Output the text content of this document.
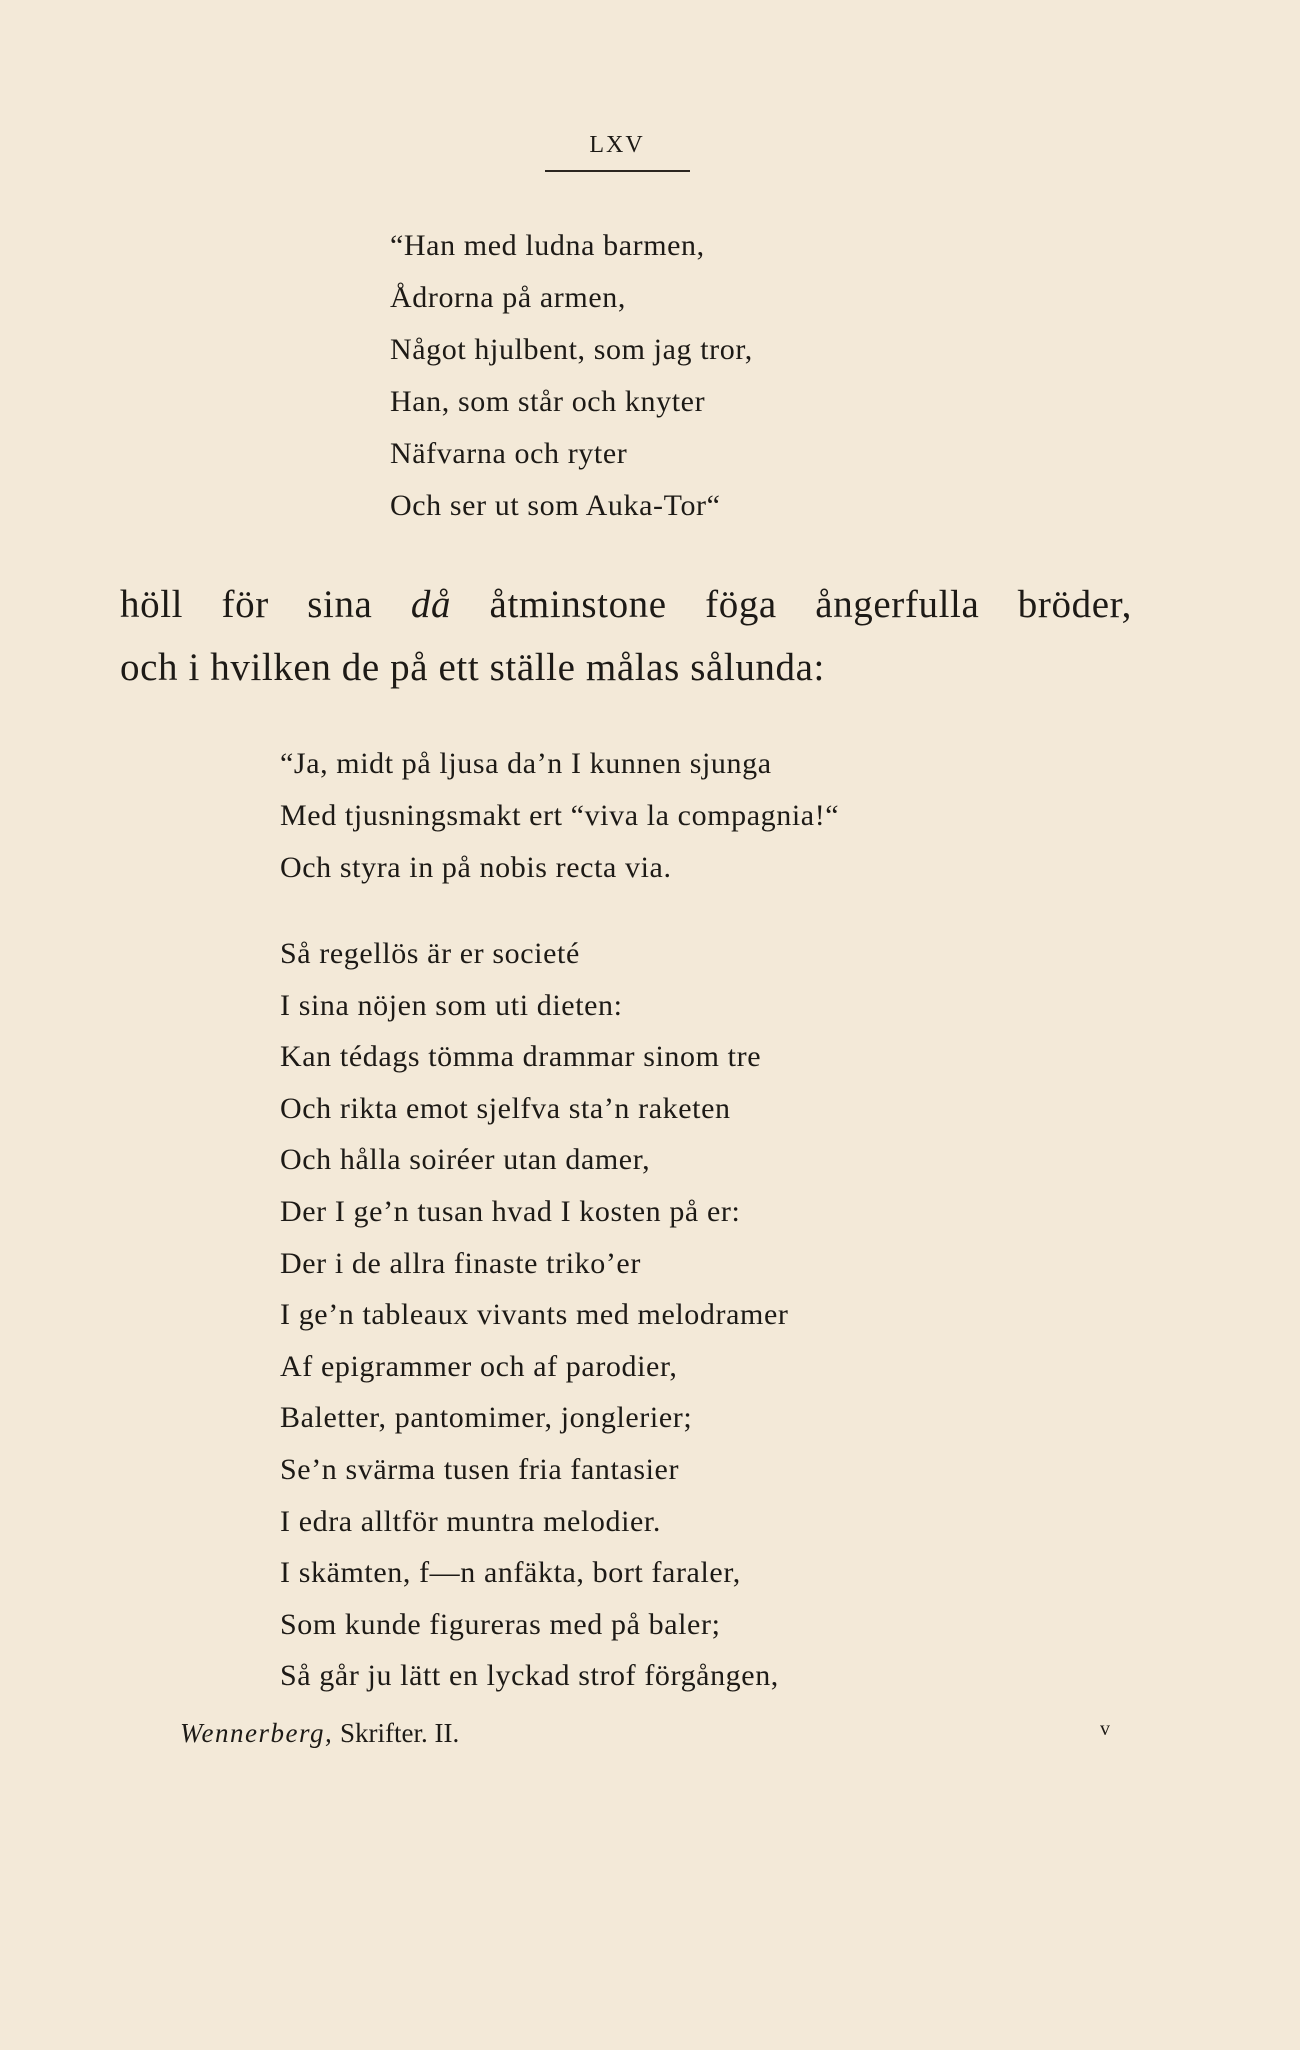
LXV
“Han med ludna barmen,
Ådrorna på armen,
Något hjulbent, som jag tror,
Han, som står och knyter
Näfvarna och ryter
Och ser ut som Auka-Tor“
höll för sina då åtminstone föga ångerfulla bröder,
och i hvilken de på ett ställe målas sålunda:
“Ja, midt på ljusa da’n I kunnen sjunga
Med tjusningsmakt ert “viva la compagnia!“
Och styra in på nobis recta via.
Så regellös är er societé
I sina nöjen som uti dieten:
Kan tédags tömma drammar sinom tre
Och rikta emot sjelfva sta’n raketen
Och hålla soiréer utan damer,
Der I ge’n tusan hvad I kosten på er:
Der i de allra finaste triko’er
I ge’n tableaux vivants med melodramer
Af epigrammer och af parodier,
Baletter, pantomimer, jonglerier;
Se’n svärma tusen fria fantasier
I edra alltför muntra melodier.
I skämten, f—n anfäkta, bort faraler,
Som kunde figureras med på baler;
Så går ju lätt en lyckad strof förgången,
Wennerberg, Skrifter. II.	v
